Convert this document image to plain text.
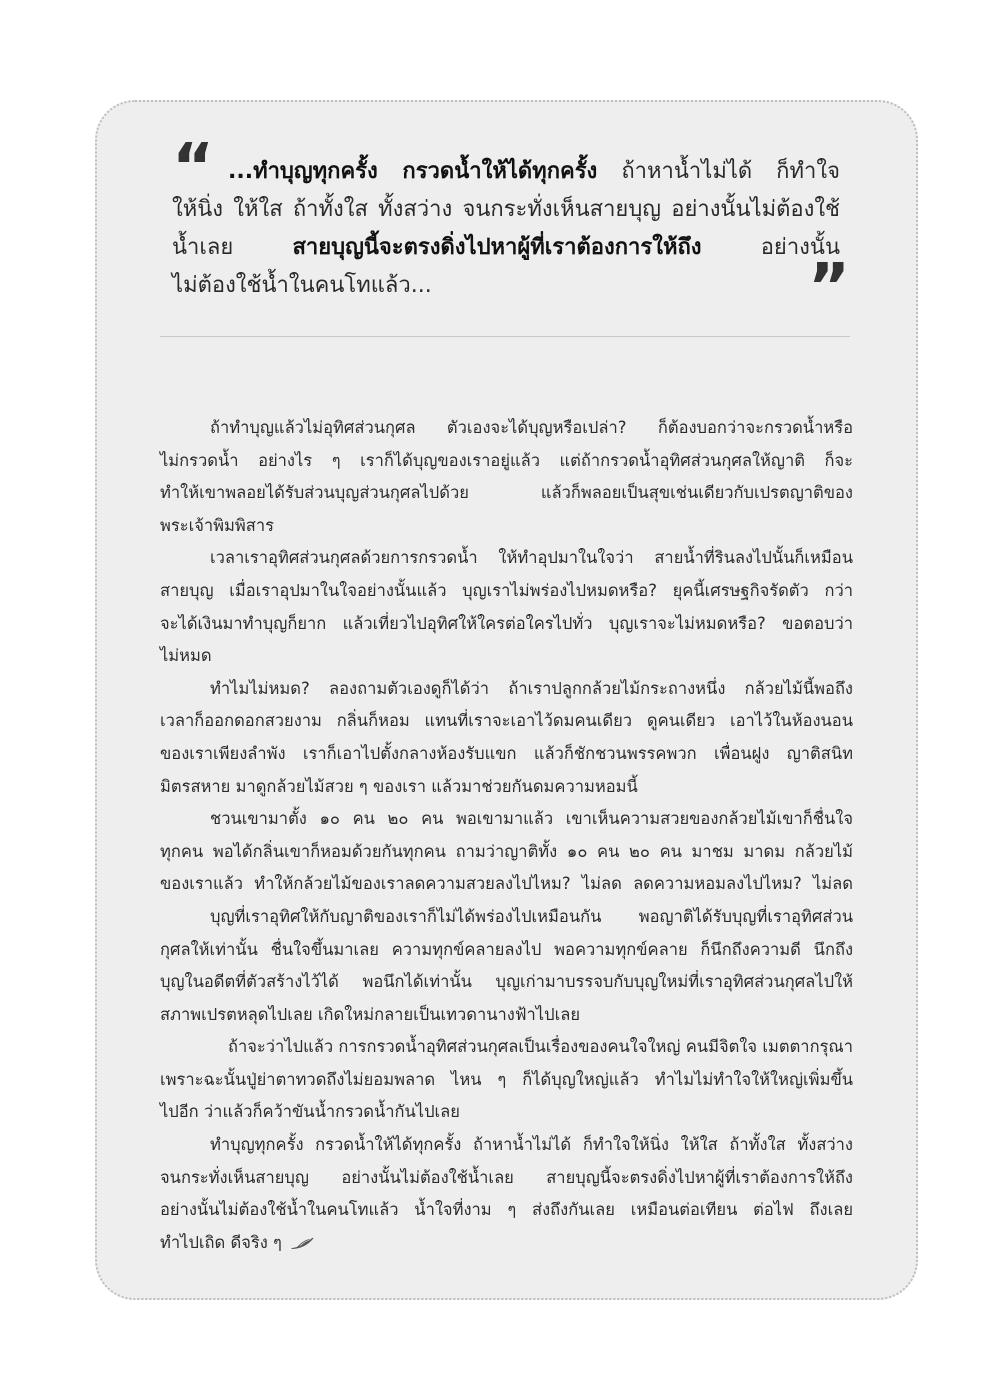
“
”
...ทำบุญทุกครั้ง กรวดน้ำให้ได้ทุกครั้ง ถ้าหาน้ำไม่ได้ ก็ทำใจ
ให้นิ่ง ให้ใส ถ้าทั้งใส ทั้งสว่าง จนกระทั่งเห็นสายบุญ อย่างนั้นไม่ต้องใช้
น้ำเลย	สายบุญนี้จะตรงดิ่งไปหาผู้ที่เราต้องการให้ถึง	อย่างนั้น
ไม่ต้องใช้น้ำในคนโทแล้ว...
ถ้าทำบุญแล้วไม่อุทิศส่วนกุศล ตัวเองจะได้บุญหรือเปล่า? ก็ต้องบอกว่าจะกรวดน้ำหรือ
ไม่กรวดน้ำ อย่างไร ๆ เราก็ได้บุญของเราอยู่แล้ว แต่ถ้ากรวดน้ำอุทิศส่วนกุศลให้ญาติ ก็จะ
ทำให้เขาพลอยได้รับส่วนบุญส่วนกุศลไปด้วย แล้วก็พลอยเป็นสุขเช่นเดียวกับเปรตญาติของ
พระเจ้าพิมพิสาร
เวลาเราอุทิศส่วนกุศลด้วยการกรวดน้ำ ให้ทำอุปมาในใจว่า สายน้ำที่รินลงไปนั้นก็เหมือน
สายบุญ เมื่อเราอุปมาในใจอย่างนั้นแล้ว บุญเราไม่พร่องไปหมดหรือ? ยุคนี้เศรษฐกิจรัดตัว กว่า
จะได้เงินมาทำบุญก็ยาก แล้วเที่ยวไปอุทิศให้ใครต่อใครไปทั่ว บุญเราจะไม่หมดหรือ? ขอตอบว่า
ไม่หมด
ทำไมไม่หมด? ลองถามตัวเองดูก็ได้ว่า ถ้าเราปลูกกล้วยไม้กระถางหนึ่ง กล้วยไม้นี้พอถึง
เวลาก็ออกดอกสวยงาม กลิ่นก็หอม แทนที่เราจะเอาไว้ดมคนเดียว ดูคนเดียว เอาไว้ในห้องนอน
ของเราเพียงลำพัง เราก็เอาไปตั้งกลางห้องรับแขก แล้วก็ชักชวนพรรคพวก เพื่อนฝูง ญาติสนิท
มิตรสหาย มาดูกล้วยไม้สวย ๆ ของเรา แล้วมาช่วยกันดมความหอมนี้
ชวนเขามาตั้ง ๑๐ คน ๒๐ คน พอเขามาแล้ว เขาเห็นความสวยของกล้วยไม้เขาก็ชื่นใจ
ทุกคน พอได้กลิ่นเขาก็หอมด้วยกันทุกคน ถามว่าญาติทั้ง ๑๐ คน ๒๐ คน มาชม มาดม กล้วยไม้
ของเราแล้ว ทำให้กล้วยไม้ของเราลดความสวยลงไปไหม? ไม่ลด ลดความหอมลงไปไหม? ไม่ลด
บุญที่เราอุทิศให้กับญาติของเราก็ไม่ได้พร่องไปเหมือนกัน พอญาติได้รับบุญที่เราอุทิศส่วน
กุศลให้เท่านั้น ชื่นใจขึ้นมาเลย ความทุกข์คลายลงไป พอความทุกข์คลาย ก็นึกถึงความดี นึกถึง
บุญในอดีตที่ตัวสร้างไว้ได้ พอนึกได้เท่านั้น บุญเก่ามาบรรจบกับบุญใหม่ที่เราอุทิศส่วนกุศลไปให้
สภาพเปรตหลุดไปเลย เกิดใหม่กลายเป็นเทวดานางฟ้าไปเลย
ถ้าจะว่าไปแล้ว การกรวดน้ำอุทิศส่วนกุศลเป็นเรื่องของคนใจใหญ่ คนมีจิตใจ เมตตากรุณา
เพราะฉะนั้นปู่ย่าตาทวดถึงไม่ยอมพลาด ไหน ๆ ก็ได้บุญใหญ่แล้ว ทำไมไม่ทำใจให้ใหญ่เพิ่มขึ้น
ไปอีก ว่าแล้วก็คว้าขันน้ำกรวดน้ำกันไปเลย
ทำบุญทุกครั้ง กรวดน้ำให้ได้ทุกครั้ง ถ้าหาน้ำไม่ได้ ก็ทำใจให้นิ่ง ให้ใส ถ้าทั้งใส ทั้งสว่าง
จนกระทั่งเห็นสายบุญ อย่างนั้นไม่ต้องใช้น้ำเลย สายบุญนี้จะตรงดิ่งไปหาผู้ที่เราต้องการให้ถึง
อย่างนั้นไม่ต้องใช้น้ำในคนโทแล้ว น้ำใจที่งาม ๆ ส่งถึงกันเลย เหมือนต่อเทียน ต่อไฟ ถึงเลย
ทำไปเถิด ดีจริง ๆ
